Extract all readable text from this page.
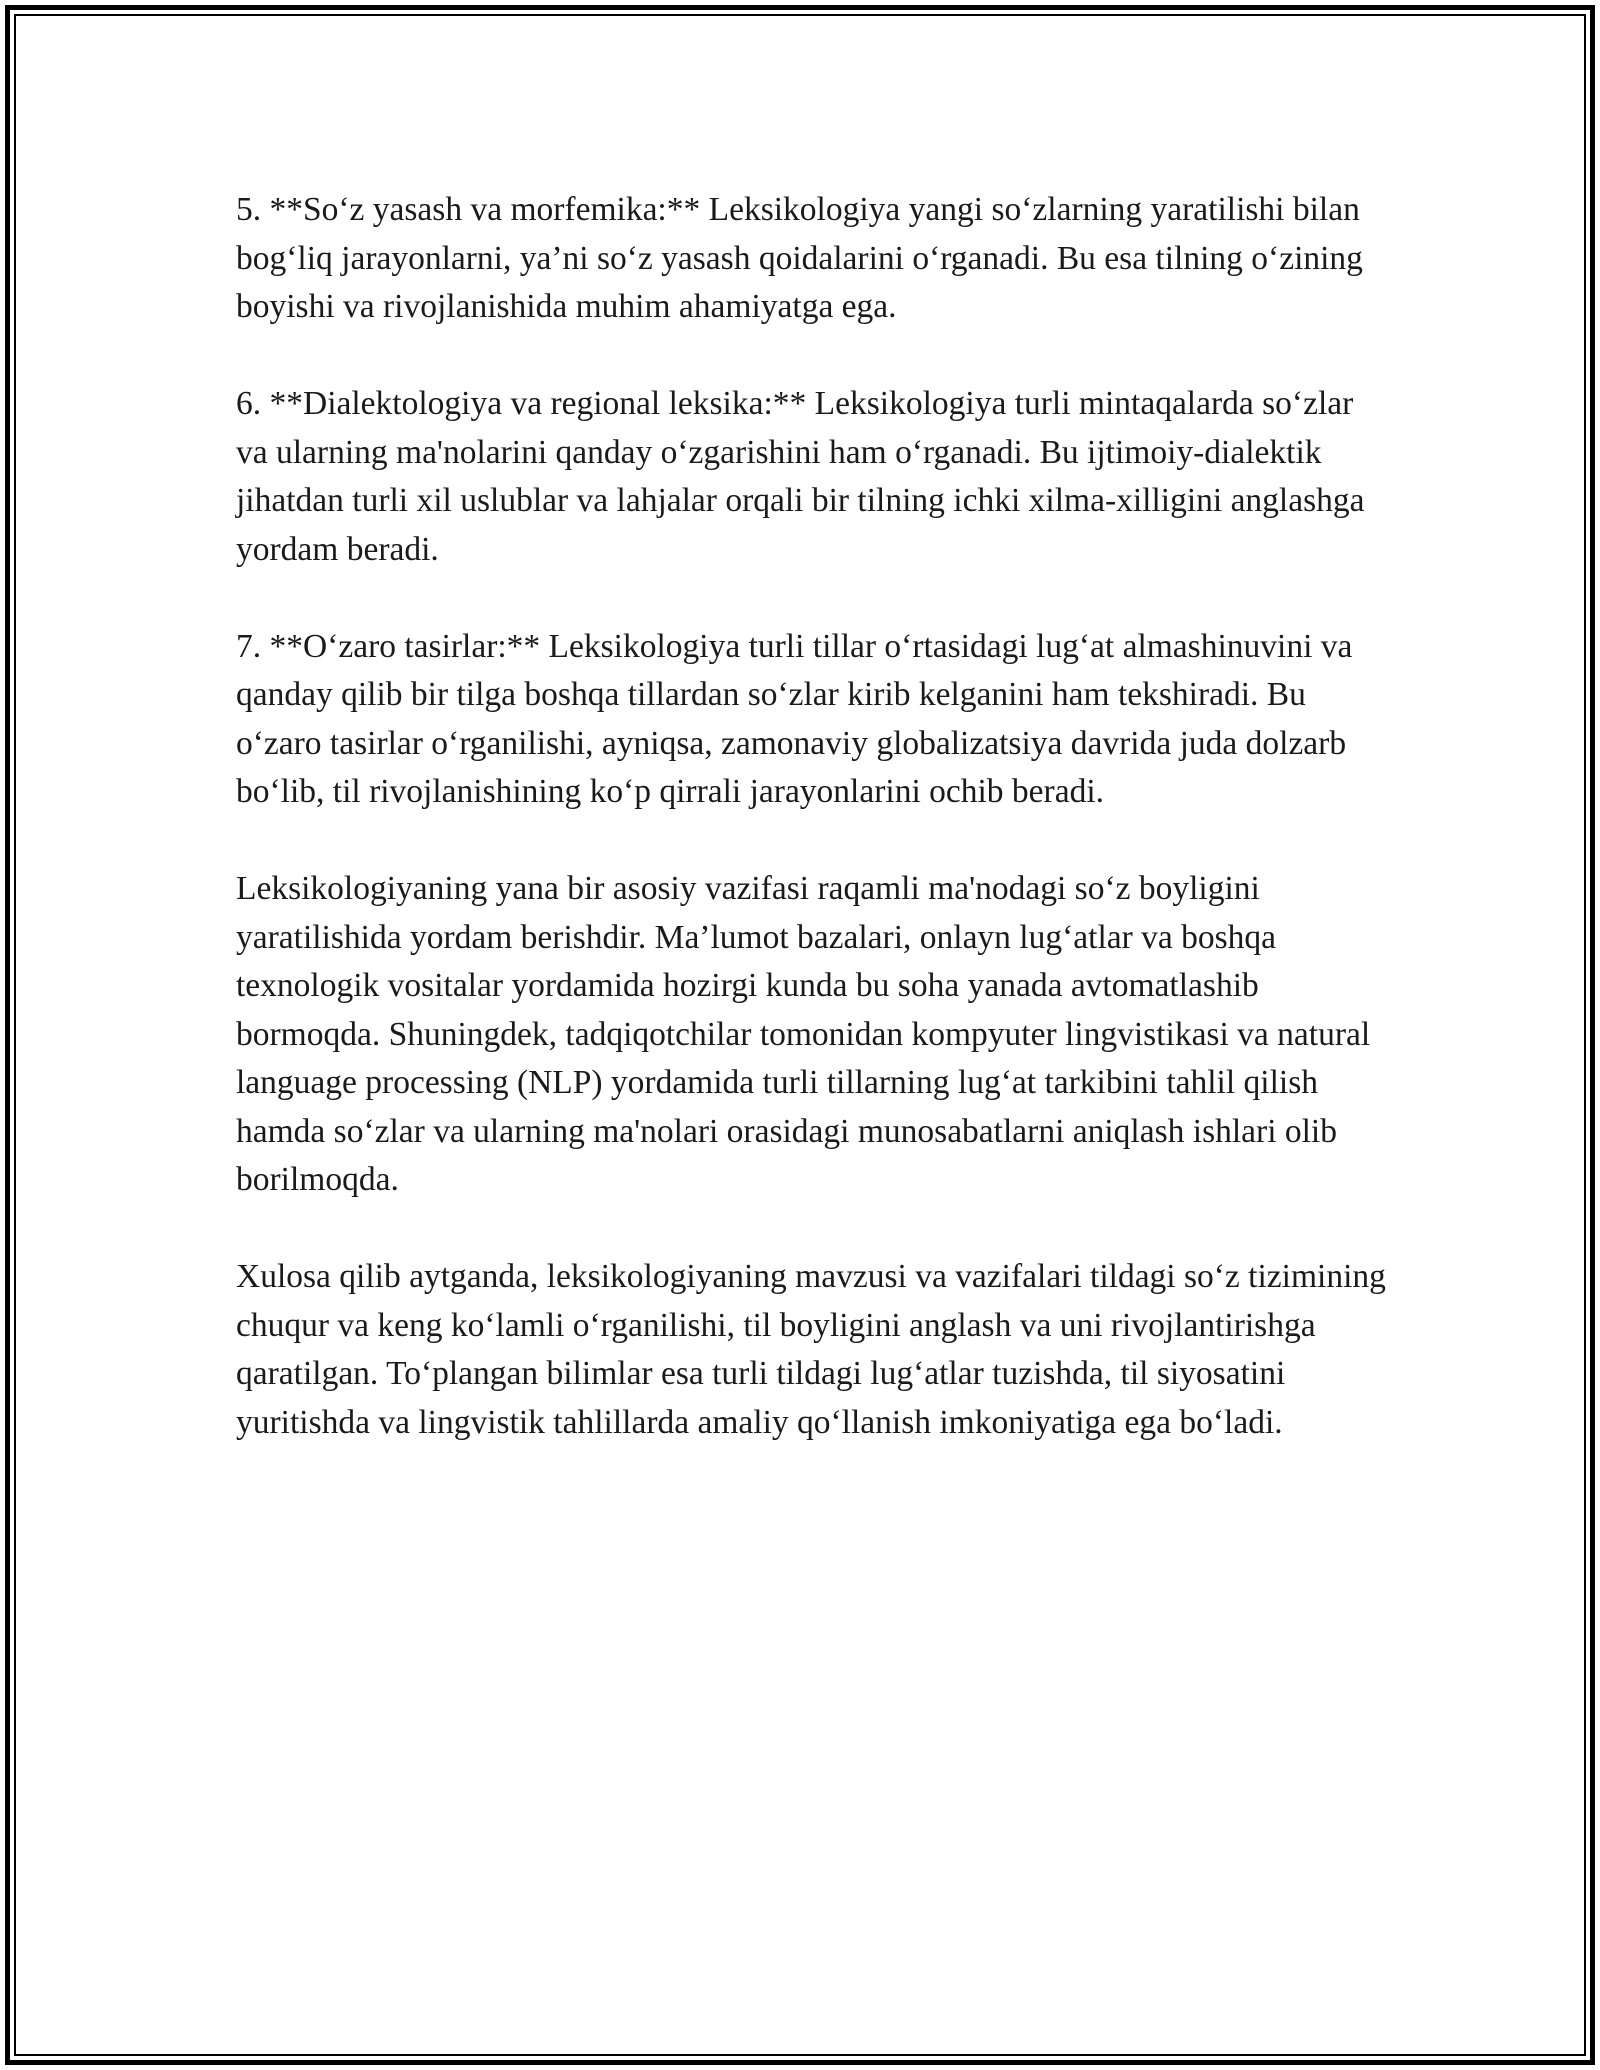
5. **So‘z yasash va morfemika:** Leksikologiya yangi so‘zlarning yaratilishi bilan bog‘liq jarayonlarni, ya’ni so‘z yasash qoidalarini o‘rganadi. Bu esa tilning o‘zining boyishi va rivojlanishida muhim ahamiyatga ega.

6. **Dialektologiya va regional leksika:** Leksikologiya turli mintaqalarda so‘zlar va ularning ma'nolarini qanday o‘zgarishini ham o‘rganadi. Bu ijtimoiy-dialektik jihatdan turli xil uslublar va lahjalar orqali bir tilning ichki xilma-xilligini anglashga yordam beradi.

7. **O‘zaro tasirlar:** Leksikologiya turli tillar o‘rtasidagi lug‘at almashinuvini va qanday qilib bir tilga boshqa tillardan so‘zlar kirib kelganini ham tekshiradi. Bu o‘zaro tasirlar o‘rganilishi, ayniqsa, zamonaviy globalizatsiya davrida juda dolzarb bo‘lib, til rivojlanishining ko‘p qirrali jarayonlarini ochib beradi.

Leksikologiyaning yana bir asosiy vazifasi raqamli ma'nodagi so‘z boyligini yaratilishida yordam berishdir. Ma’lumot bazalari, onlayn lug‘atlar va boshqa texnologik vositalar yordamida hozirgi kunda bu soha yanada avtomatlashib bormoqda. Shuningdek, tadqiqotchilar tomonidan kompyuter lingvistikasi va natural language processing (NLP) yordamida turli tillarning lug‘at tarkibini tahlil qilish hamda so‘zlar va ularning ma'nolari orasidagi munosabatlarni aniqlash ishlari olib borilmoqda.

Xulosa qilib aytganda, leksikologiyaning mavzusi va vazifalari tildagi so‘z tizimining chuqur va keng ko‘lamli o‘rganilishi, til boyligini anglash va uni rivojlantirishga qaratilgan. To‘plangan bilimlar esa turli tildagi lug‘atlar tuzishda, til siyosatini yuritishda va lingvistik tahlillarda amaliy qo‘llanish imkoniyatiga ega bo‘ladi.
